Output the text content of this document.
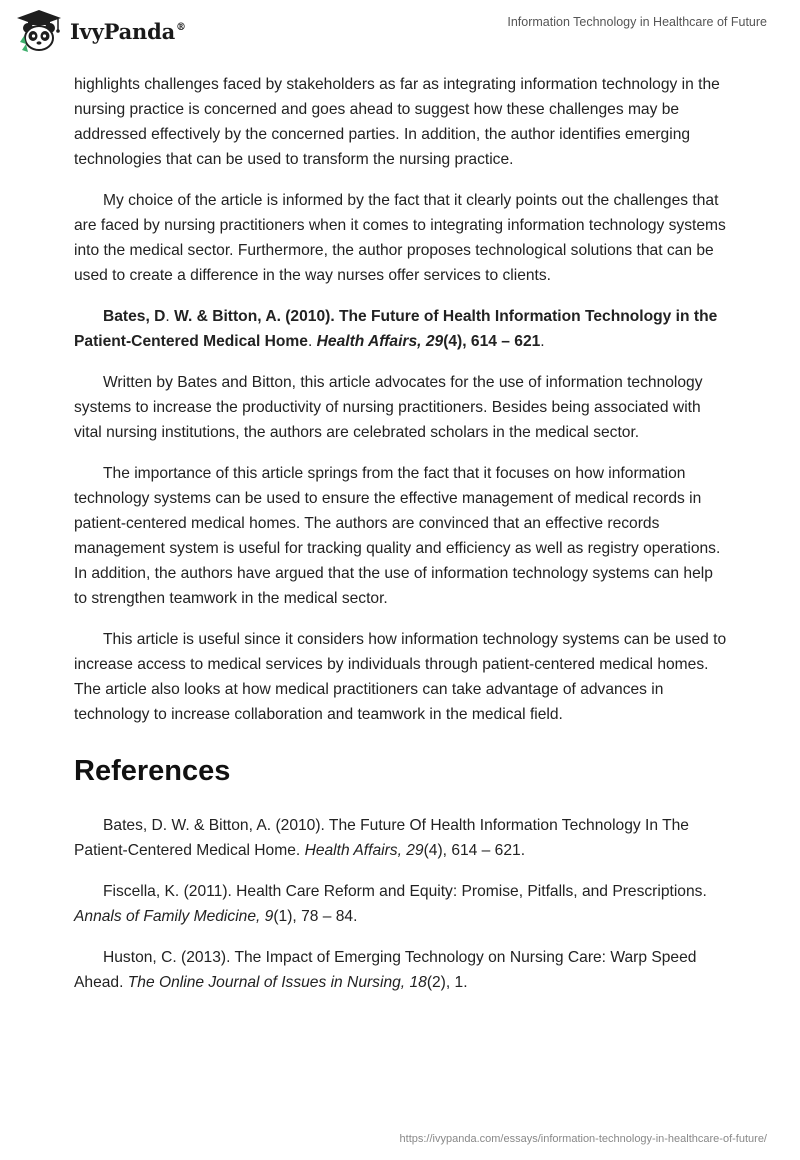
IvyPanda®	Information Technology in Healthcare of Future

highlights challenges faced by stakeholders as far as integrating information technology in the nursing practice is concerned and goes ahead to suggest how these challenges may be addressed effectively by the concerned parties. In addition, the author identifies emerging technologies that can be used to transform the nursing practice.

My choice of the article is informed by the fact that it clearly points out the challenges that are faced by nursing practitioners when it comes to integrating information technology systems into the medical sector. Furthermore, the author proposes technological solutions that can be used to create a difference in the way nurses offer services to clients.

Bates, D. W. & Bitton, A. (2010). The Future of Health Information Technology in the Patient-Centered Medical Home. Health Affairs, 29(4), 614 – 621.

Written by Bates and Bitton, this article advocates for the use of information technology systems to increase the productivity of nursing practitioners. Besides being associated with vital nursing institutions, the authors are celebrated scholars in the medical sector.

The importance of this article springs from the fact that it focuses on how information technology systems can be used to ensure the effective management of medical records in patient-centered medical homes. The authors are convinced that an effective records management system is useful for tracking quality and efficiency as well as registry operations. In addition, the authors have argued that the use of information technology systems can help to strengthen teamwork in the medical sector.

This article is useful since it considers how information technology systems can be used to increase access to medical services by individuals through patient-centered medical homes. The article also looks at how medical practitioners can take advantage of advances in technology to increase collaboration and teamwork in the medical field.

References

Bates, D. W. & Bitton, A. (2010). The Future Of Health Information Technology In The Patient-Centered Medical Home. Health Affairs, 29(4), 614 – 621.

Fiscella, K. (2011). Health Care Reform and Equity: Promise, Pitfalls, and Prescriptions. Annals of Family Medicine, 9(1), 78 – 84.

Huston, C. (2013). The Impact of Emerging Technology on Nursing Care: Warp Speed Ahead. The Online Journal of Issues in Nursing, 18(2), 1.

https://ivypanda.com/essays/information-technology-in-healthcare-of-future/
